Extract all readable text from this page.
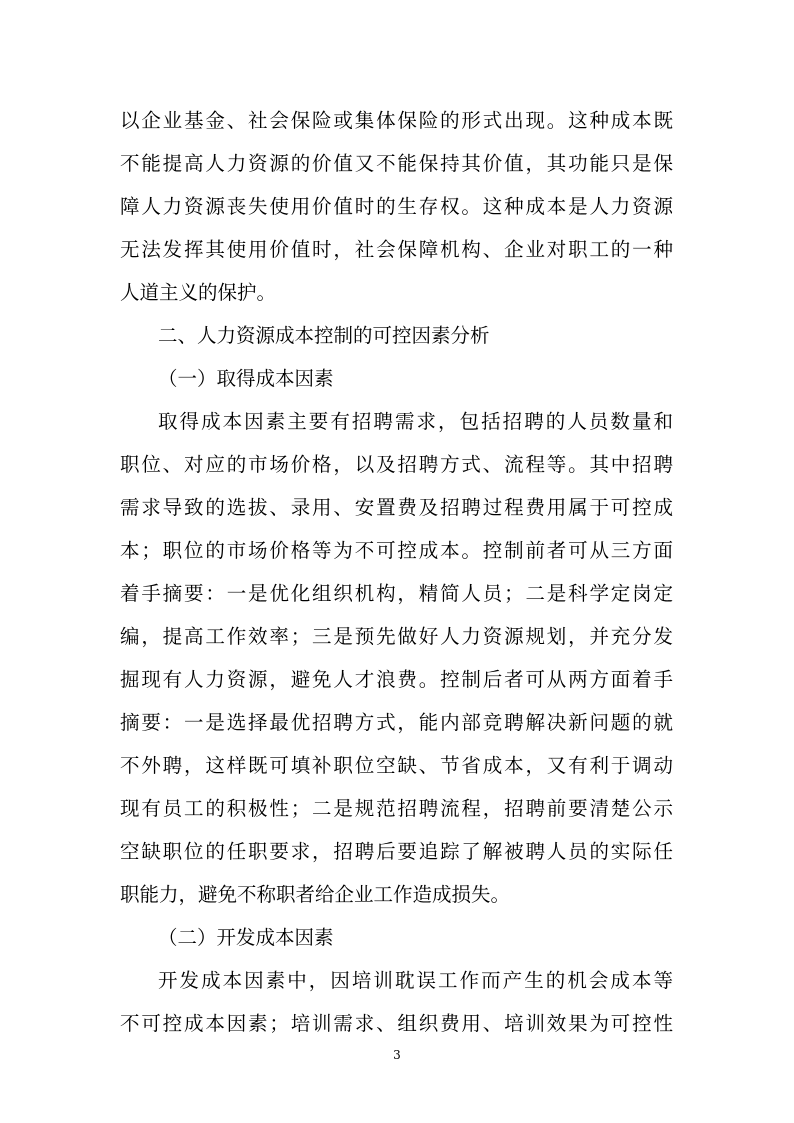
以企业基金、社会保险或集体保险的形式出现。这种成本既
不能提高人力资源的价值又不能保持其价值，其功能只是保
障人力资源丧失使用价值时的生存权。这种成本是人力资源
无法发挥其使用价值时，社会保障机构、企业对职工的一种
人道主义的保护。
二、人力资源成本控制的可控因素分析
（一）取得成本因素
取得成本因素主要有招聘需求，包括招聘的人员数量和
职位、对应的市场价格，以及招聘方式、流程等。其中招聘
需求导致的选拔、录用、安置费及招聘过程费用属于可控成
本；职位的市场价格等为不可控成本。控制前者可从三方面
着手摘要：一是优化组织机构，精简人员；二是科学定岗定
编，提高工作效率；三是预先做好人力资源规划，并充分发
掘现有人力资源，避免人才浪费。控制后者可从两方面着手
摘要：一是选择最优招聘方式，能内部竞聘解决新问题的就
不外聘，这样既可填补职位空缺、节省成本，又有利于调动
现有员工的积极性；二是规范招聘流程，招聘前要清楚公示
空缺职位的任职要求，招聘后要追踪了解被聘人员的实际任
职能力，避免不称职者给企业工作造成损失。
（二）开发成本因素
开发成本因素中，因培训耽误工作而产生的机会成本等
不可控成本因素；培训需求、组织费用、培训效果为可控性
3
